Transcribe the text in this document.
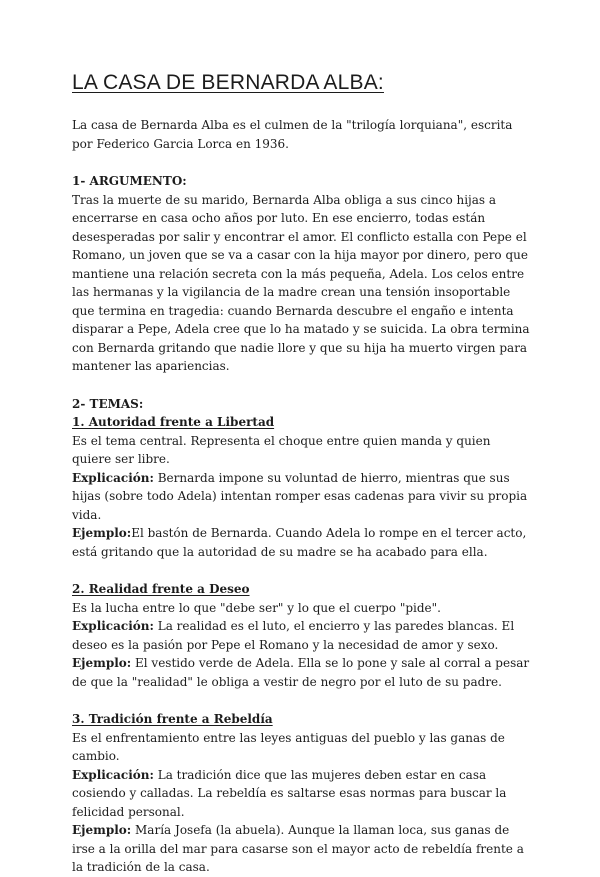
LA CASA DE BERNARDA ALBA:

La casa de Bernarda Alba es el culmen de la "trilogía lorquiana", escrita por Federico Garcia Lorca en 1936.

1- ARGUMENTO:

Tras la muerte de su marido, Bernarda Alba obliga a sus cinco hijas a encerrarse en casa ocho años por luto. En ese encierro, todas están desesperadas por salir y encontrar el amor. El conflicto estalla con Pepe el Romano, un joven que se va a casar con la hija mayor por dinero, pero que mantiene una relación secreta con la más pequeña, Adela. Los celos entre las hermanas y la vigilancia de la madre crean una tensión insoportable que termina en tragedia: cuando Bernarda descubre el engaño e intenta disparar a Pepe, Adela cree que lo ha matado y se suicida. La obra termina con Bernarda gritando que nadie llore y que su hija ha muerto virgen para mantener las apariencias.

2- TEMAS:
1. Autoridad frente a Libertad

Es el tema central. Representa el choque entre quien manda y quien quiere ser libre.

Explicación: Bernarda impone su voluntad de hierro, mientras que sus hijas (sobre todo Adela) intentan romper esas cadenas para vivir su propia vida.

Ejemplo:El bastón de Bernarda. Cuando Adela lo rompe en el tercer acto, está gritando que la autoridad de su madre se ha acabado para ella.

2. Realidad frente a Deseo

Es la lucha entre lo que "debe ser" y lo que el cuerpo "pide".

Explicación: La realidad es el luto, el encierro y las paredes blancas. El deseo es la pasión por Pepe el Romano y la necesidad de amor y sexo.

Ejemplo: El vestido verde de Adela. Ella se lo pone y sale al corral a pesar de que la "realidad" le obliga a vestir de negro por el luto de su padre.

3. Tradición frente a Rebeldía

Es el enfrentamiento entre las leyes antiguas del pueblo y las ganas de cambio.

Explicación: La tradición dice que las mujeres deben estar en casa cosiendo y calladas. La rebeldía es saltarse esas normas para buscar la felicidad personal.

Ejemplo: María Josefa (la abuela). Aunque la llaman loca, sus ganas de irse a la orilla del mar para casarse son el mayor acto de rebeldía frente a la tradición de la casa.
